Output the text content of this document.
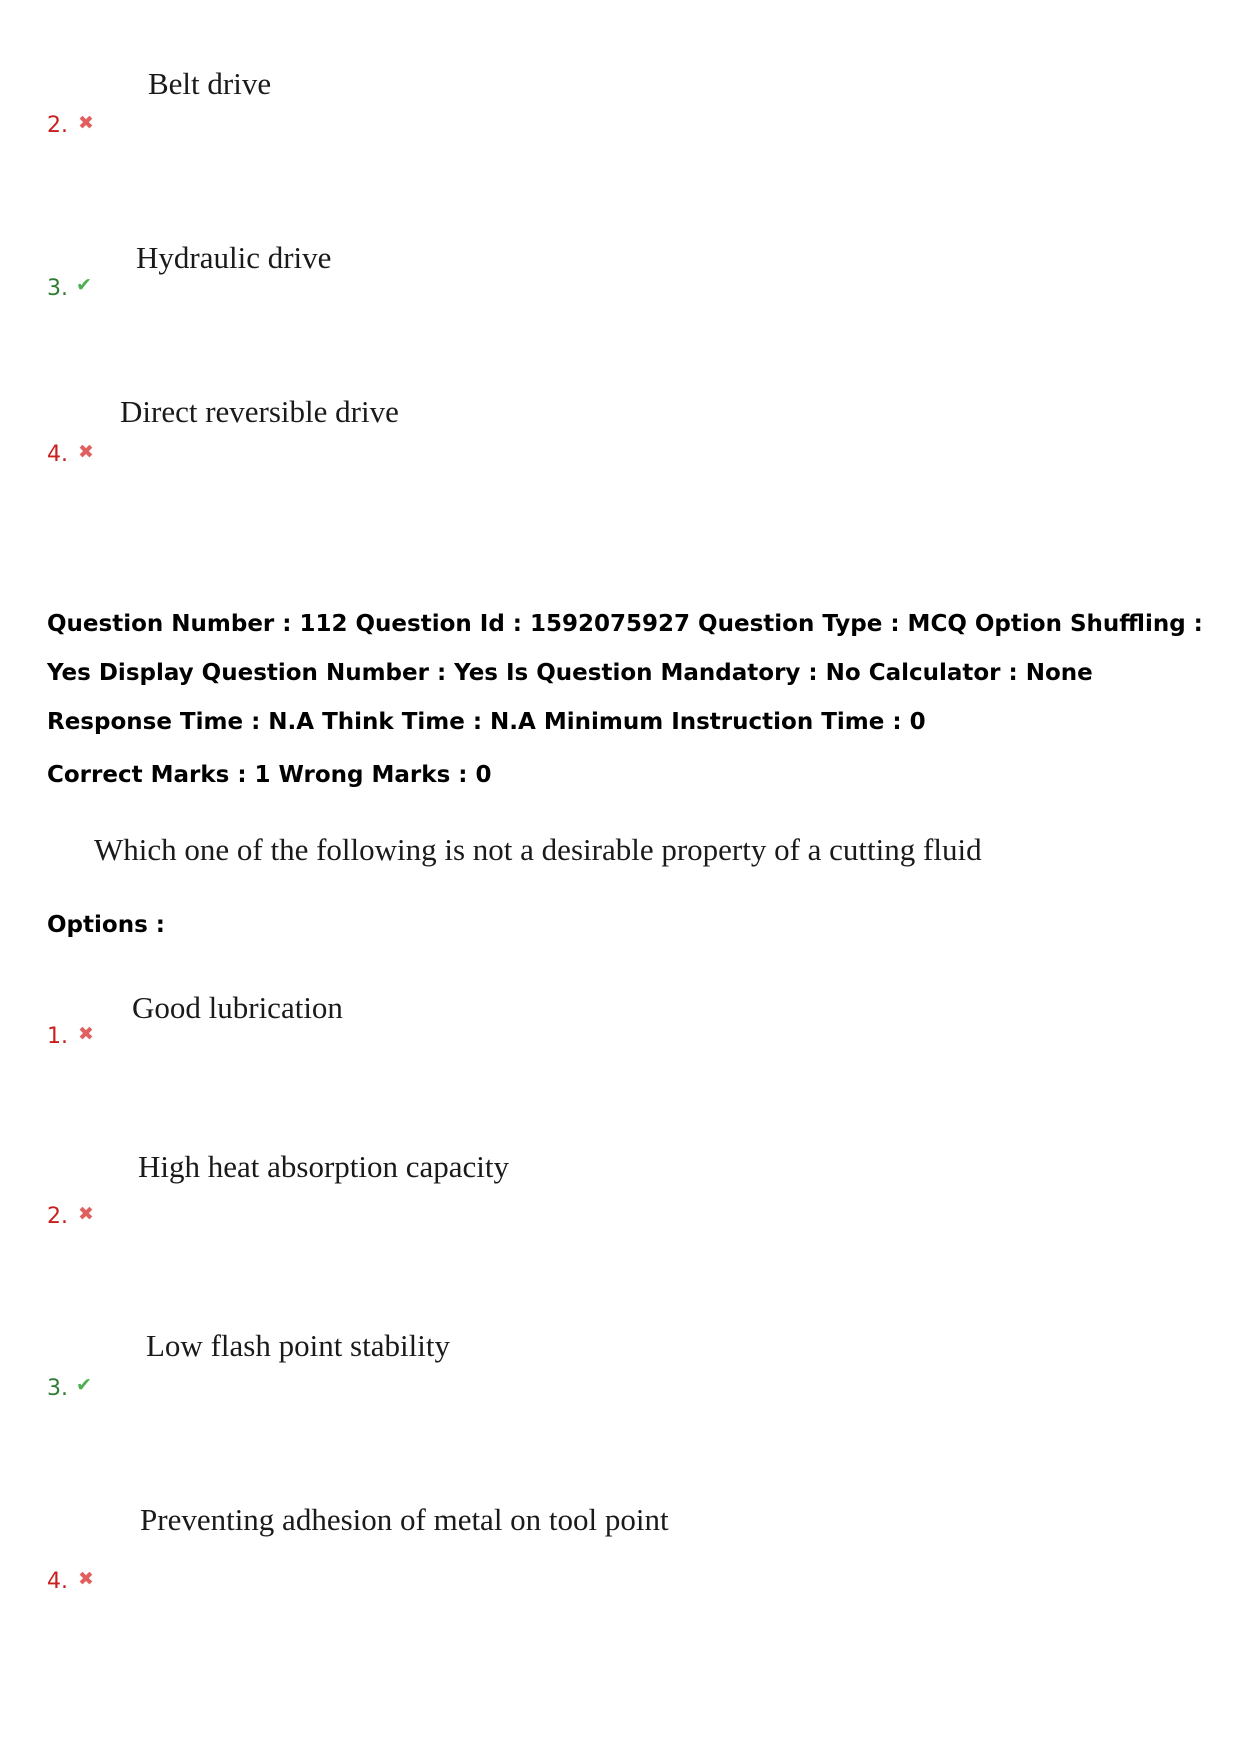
Belt drive
2. ✖
Hydraulic drive
3. ✔
Direct reversible drive
4. ✖
Question Number : 112 Question Id : 1592075927 Question Type : MCQ Option Shuffling : Yes Display Question Number : Yes Is Question Mandatory : No Calculator : None Response Time : N.A Think Time : N.A Minimum Instruction Time : 0
Correct Marks : 1 Wrong Marks : 0
Which one of the following is not a desirable property of a cutting fluid
Options :
Good lubrication
1. ✖
High heat absorption capacity
2. ✖
Low flash point stability
3. ✔
Preventing adhesion of metal on tool point
4. ✖
